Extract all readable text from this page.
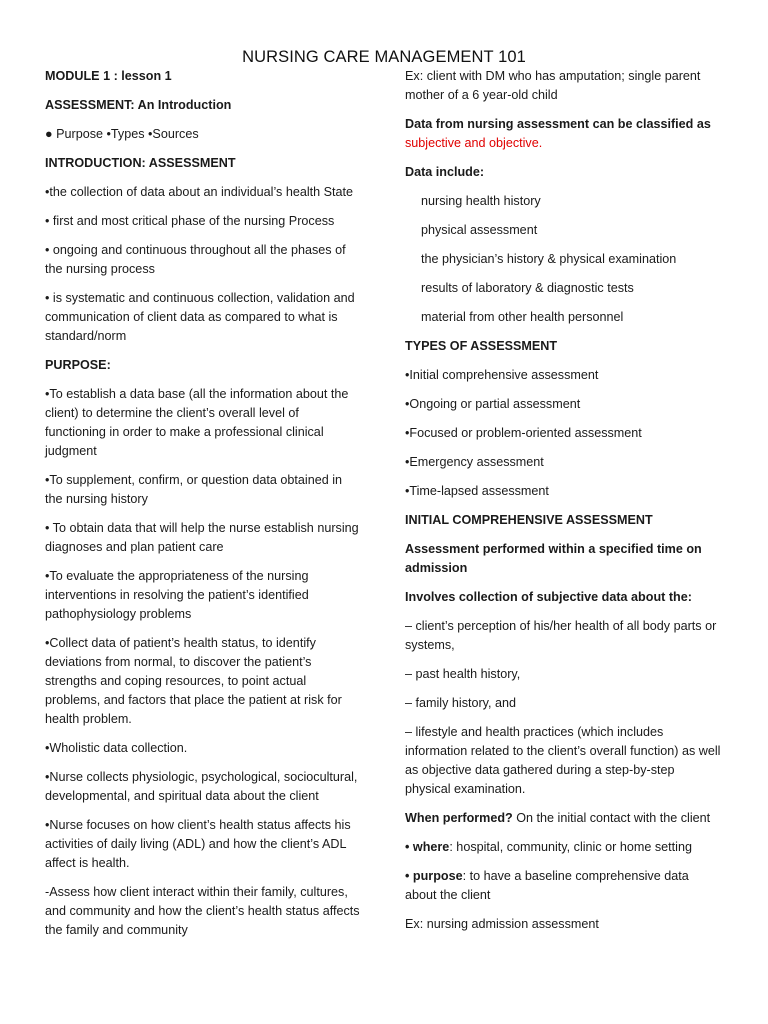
NURSING CARE MANAGEMENT 101

MODULE 1 : lesson 1

ASSESSMENT: An Introduction

● Purpose •Types •Sources

INTRODUCTION: ASSESSMENT

•the collection of data about an individual’s health State

• first and most critical phase of the nursing Process

• ongoing and continuous throughout all the phases of the nursing process

• is systematic and continuous collection, validation and communication of client data as compared to what is standard/norm

PURPOSE:

•To establish a data base (all the information about the client) to determine the client’s overall level of functioning in order to make a professional clinical judgment

•To supplement, confirm, or question data obtained in the nursing history

• To obtain data that will help the nurse establish nursing diagnoses and plan patient care

•To evaluate the appropriateness of the nursing interventions in resolving the patient’s identified pathophysiology problems

•Collect data of patient’s health status, to identify deviations from normal, to discover the patient’s strengths and coping resources, to point actual problems, and factors that place the patient at risk for health problem.

•Wholistic data collection.

•Nurse collects physiologic, psychological, sociocultural, developmental, and spiritual data about the client

•Nurse focuses on how client’s health status affects his activities of daily living (ADL) and how the client’s ADL affect is health.

-Assess how client interact within their family, cultures, and community and how the client’s health status affects the family and community

Ex: client with DM who has amputation; single parent mother of a 6 year-old child

Data from nursing assessment can be classified as
subjective and objective.

Data include:

nursing health history

physical assessment

the physician’s history & physical examination

results of laboratory & diagnostic tests

material from other health personnel

TYPES OF ASSESSMENT

•Initial comprehensive assessment

•Ongoing or partial assessment

•Focused or problem-oriented assessment

•Emergency assessment

•Time-lapsed assessment

INITIAL COMPREHENSIVE ASSESSMENT

Assessment performed within a specified time on admission

Involves collection of subjective data about the:

– client’s perception of his/her health of all body parts or systems,

– past health history,

– family history, and

– lifestyle and health practices (which includes information related to the client’s overall function) as well as objective data gathered during a step-by-step physical examination.

When performed? On the initial contact with the client

• where: hospital, community, clinic or home setting

• purpose: to have a baseline comprehensive data about the client

Ex: nursing admission assessment
